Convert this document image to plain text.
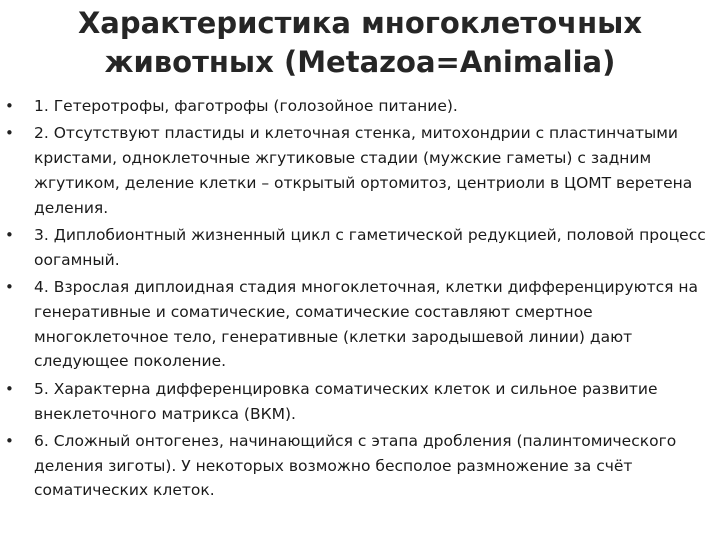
Характеристика многоклеточных
животных (Metazoa=Animalia)
• 1. Гетеротрофы, фаготрофы (голозойное питание).
• 2. Отсутствуют пластиды и клеточная стенка, митохондрии с пластинчатыми кристами, одноклеточные жгутиковые стадии (мужские гаметы) с задним жгутиком, деление клетки – открытый ортомитоз, центриоли в ЦОМТ веретена деления.
• 3. Диплобионтный жизненный цикл с гаметической редукцией, половой процесс оогамный.
• 4. Взрослая диплоидная стадия многоклеточная, клетки дифференцируются на генеративные и соматические, соматические составляют смертное многоклеточное тело, генеративные (клетки зародышевой линии) дают следующее поколение.
• 5. Характерна дифференцировка соматических клеток и сильное развитие внеклеточного матрикса (ВКМ).
• 6. Сложный онтогенез, начинающийся с этапа дробления (палинтомического деления зиготы). У некоторых возможно бесполое размножение за счёт соматических клеток.
